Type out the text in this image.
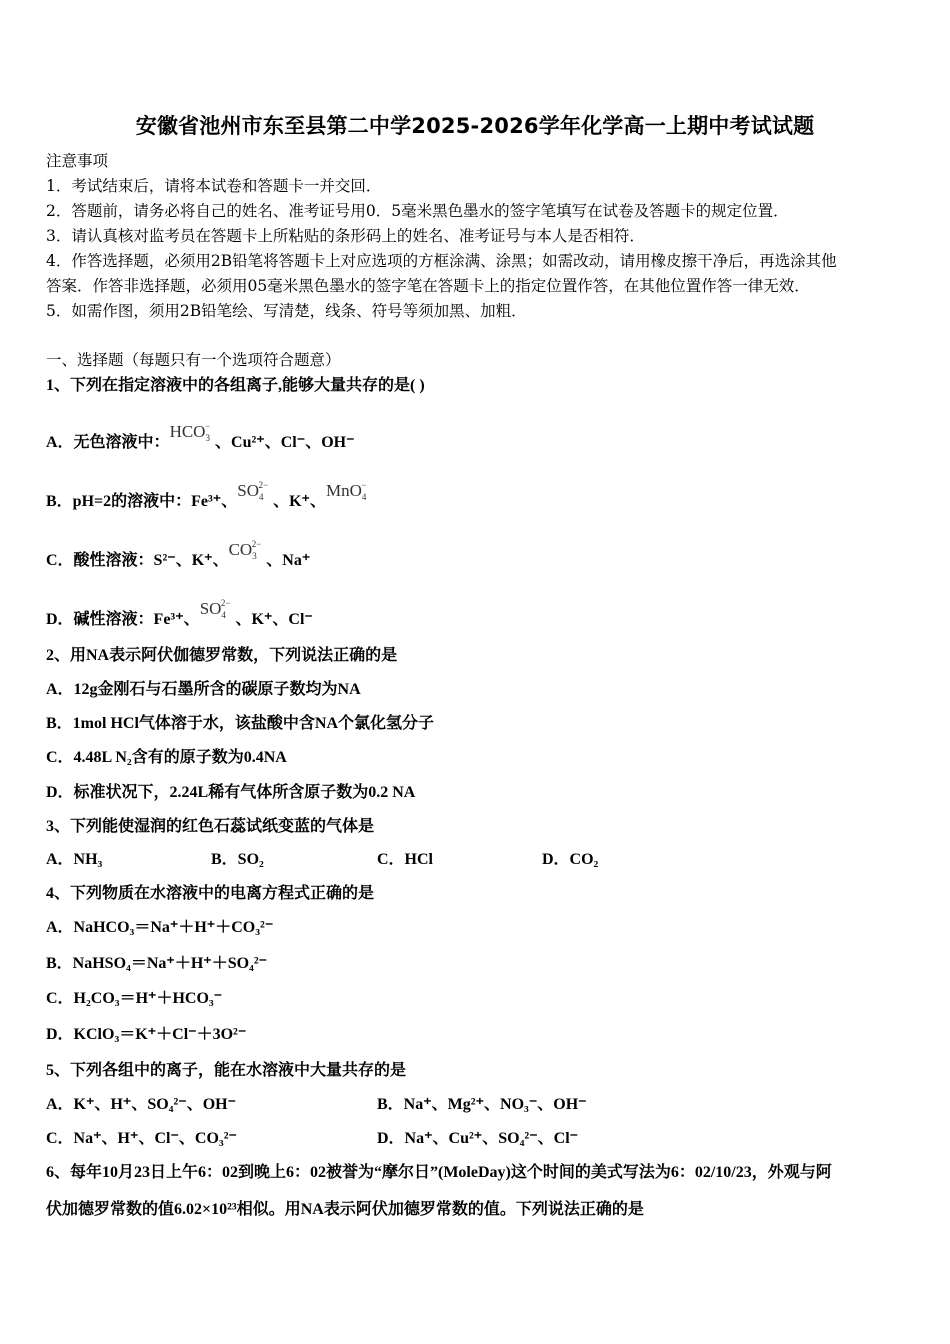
安徽省池州市东至县第二中学2025-2026学年化学高一上期中考试试题
注意事项
1．考试结束后，请将本试卷和答题卡一并交回．
2．答题前，请务必将自己的姓名、准考证号用0．5毫米黑色墨水的签字笔填写在试卷及答题卡的规定位置．
3．请认真核对监考员在答题卡上所粘贴的条形码上的姓名、准考证号与本人是否相符．
4．作答选择题，必须用2B铅笔将答题卡上对应选项的方框涂满、涂黑；如需改动，请用橡皮擦干净后，再选涂其他
答案．作答非选择题，必须用05毫米黑色墨水的签字笔在答题卡上的指定位置作答，在其他位置作答一律无效．
5．如需作图，须用2B铅笔绘、写清楚，线条、符号等须加黑、加粗．
一、选择题（每题只有一个选项符合题意）
1、下列在指定溶液中的各组离子,能够大量共存的是( )
A．无色溶液中：$HCO_3^-$、Cu²⁺、Cl⁻、OH⁻
B．pH=2的溶液中：Fe³⁺、$SO_4^{2-}$、K⁺、MnO$_4$−
C．酸性溶液：S²⁻、K⁺、$CO_3^{2-}$、Na⁺
D．碱性溶液：Fe³⁺、$SO_4^{2-}$、K⁺、Cl⁻
2、用NA表示阿伏伽德罗常数，下列说法正确的是
A．12g金刚石与石墨所含的碳原子数均为NA
B．1mol HCl气体溶于水，该盐酸中含NA个氯化氢分子
C．4.48L N₂含有的原子数为0.4NA
D．标准状况下，2.24L稀有气体所含原子数为0.2 NA
3、下列能使湿润的红色石蕊试纸变蓝的气体是
A．NH₃	B．SO₂	C．HCl	D．CO₂
4、下列物质在水溶液中的电离方程式正确的是
A．NaHCO₃＝Na⁺＋H⁺＋CO₃²⁻
B．NaHSO₄＝Na⁺＋H⁺＋SO₄²⁻
C．H₂CO₃＝H⁺＋HCO₃⁻
D．KClO₃＝K⁺＋Cl⁻＋3O²⁻
5、下列各组中的离子，能在水溶液中大量共存的是
A．K⁺、H⁺、SO₄²⁻、OH⁻	B．Na⁺、Mg²⁺、NO₃⁻、OH⁻
C．Na⁺、H⁺、Cl⁻、CO₃²⁻	D．Na⁺、Cu²⁺、SO₄²⁻、Cl⁻
6、每年10月23日上午6：02到晚上6：02被誉为“摩尔日”(MoleDay)这个时间的美式写法为6：02/10/23，外观与阿
伏加德罗常数的值6.02×10²³相似。用NA表示阿伏加德罗常数的值。下列说法正确的是
